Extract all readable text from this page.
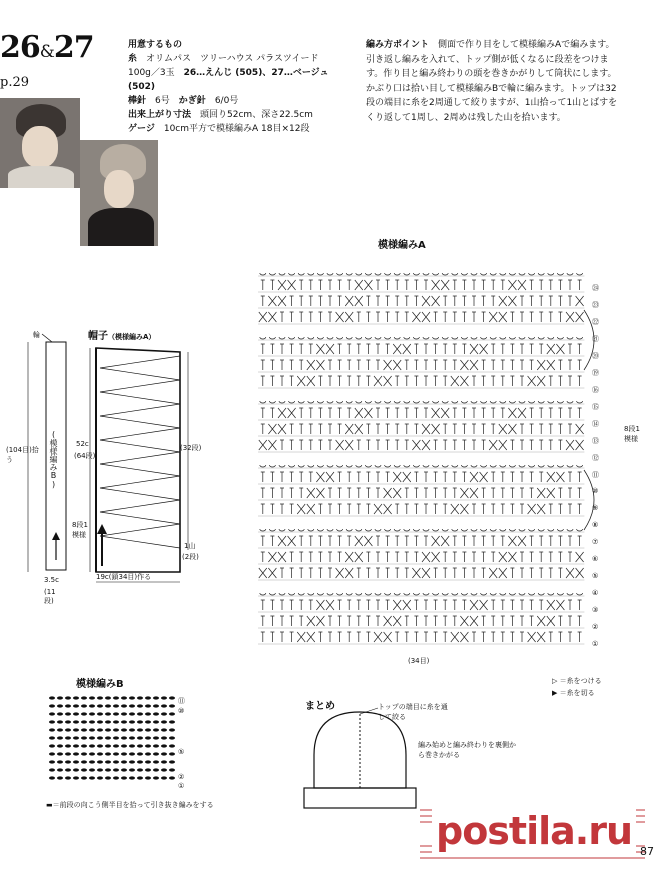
26&27
p.29
用意するもの
糸　 オリムパス　ツリーハウス パラスツイード　100g／3玉　 26…えんじ (505)、27…ベージュ(502)
棒針　 6号　 かぎ針　 6/0号
出来上がり寸法　 頭回り52cm、深さ22.5cm
ゲージ　 10cm平方で模様編みA 18目×12段
編み方ポイント　 側面で作り目をして模様編みAで編みます。引き返し編みを入れて、トップ側が低くなるに段差をつけます。作り目と編み終わりの頭を巻きかがりして筒状にします。かぶり口は拾い目して模様編みBで輪に編みます。トップは32段の端目に糸を2周通して絞りますが、1山拾って1山とばすをくり返して1周し、2周めは残した山を拾います。
帽子（模様編みA）
輪
(模様編みB)
(104目)拾う
3.5c
(11段)
52c
(64段)
(32段)
8段1模様
19c(鎖34目)作る
1山
(2段)
模様編みA
(34目)
8段1模様
①
②
③
④
⑤
⑥
⑦
⑧
⑨
⑩
⑪
⑫
⑬
⑭
⑮
⑯
⑲
⑳
㉑
㉒
㉓
㉔
模様編みB
⑪
⑩
⑤
②
①
▬＝前段の向こう側半目を拾って引き抜き編みをする
まとめ	トップの端目に糸を通して絞る
編み始めと編み終わりを裏側から巻きかがる
▷ ＝糸をつける
▶ ＝糸を切る
postila.ru 87
